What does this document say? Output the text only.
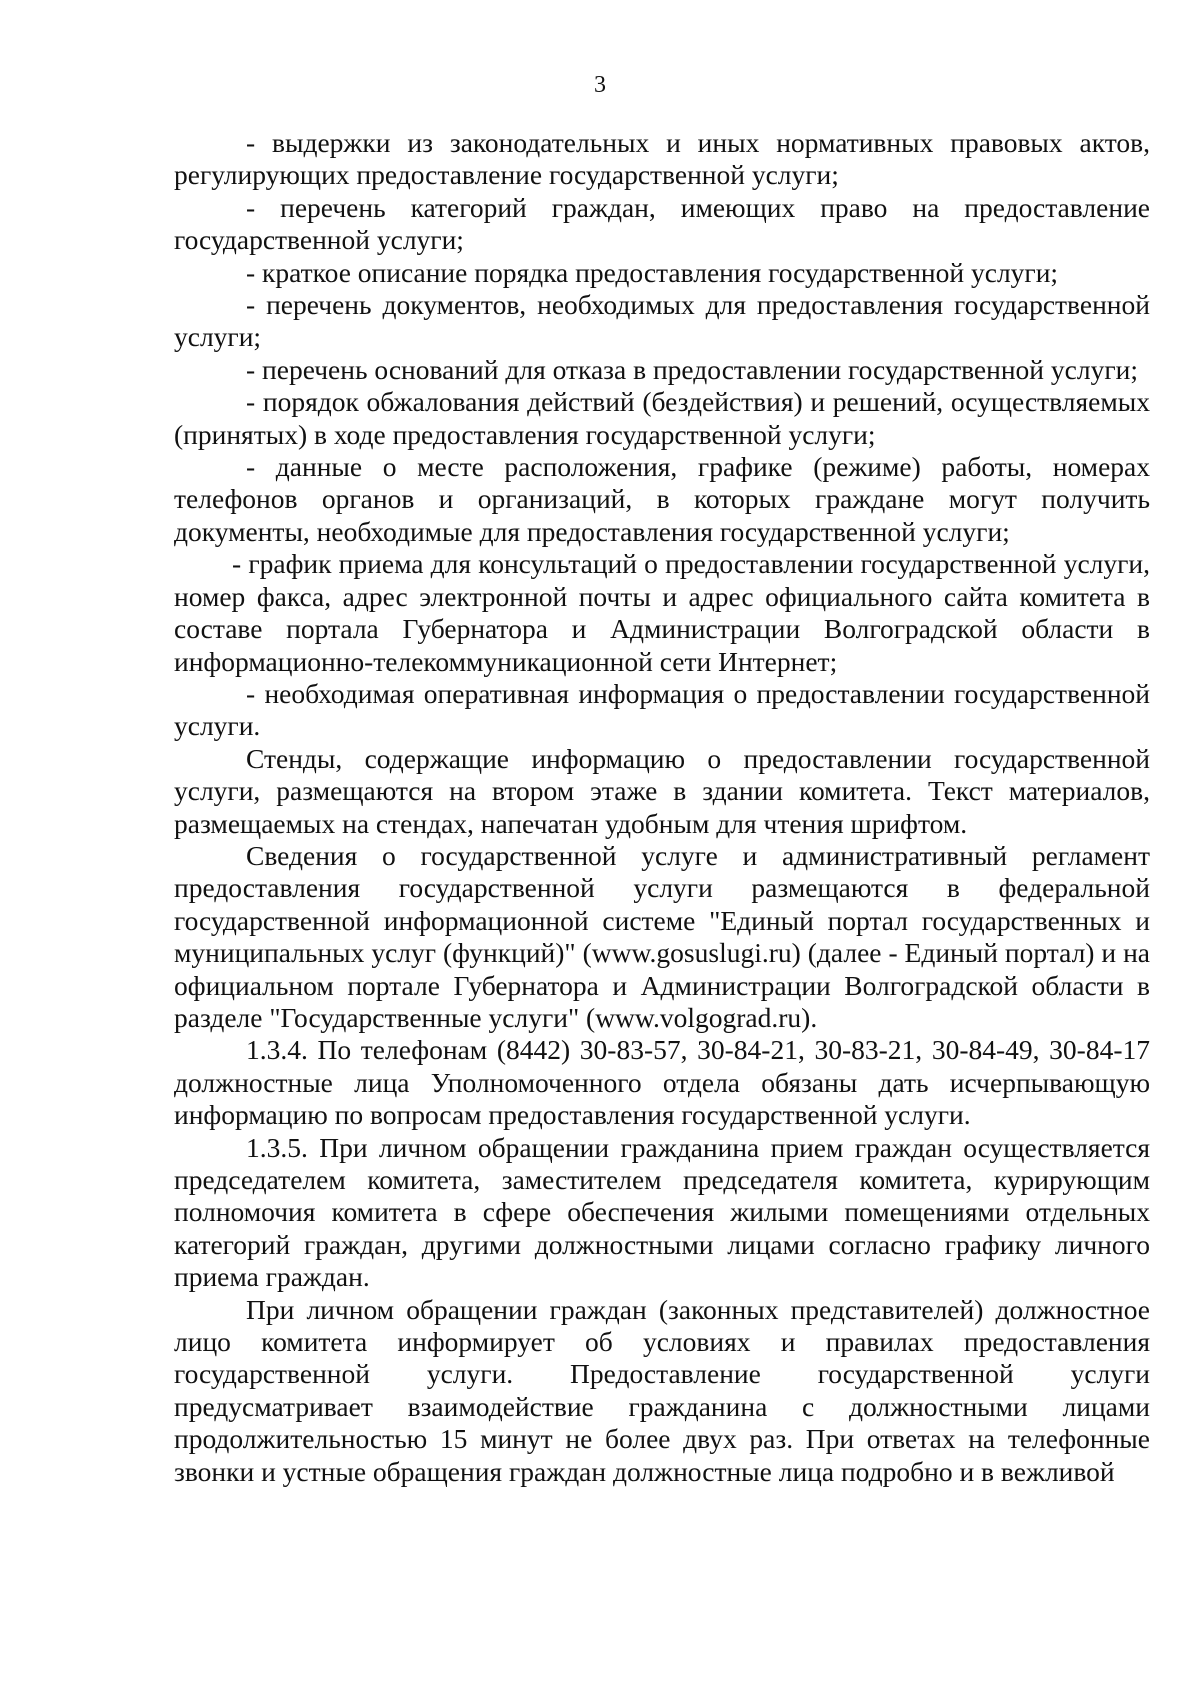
3

- выдержки из законодательных и иных нормативных правовых актов, регулирующих предоставление государственной услуги;

- перечень категорий граждан, имеющих право на предоставление государственной услуги;

- краткое описание порядка предоставления государственной услуги;

- перечень документов, необходимых для предоставления государственной услуги;

- перечень оснований для отказа в предоставлении государственной услуги;

- порядок обжалования действий (бездействия) и решений, осуществляемых (принятых) в ходе предоставления государственной услуги;

- данные о месте расположения, графике (режиме) работы, номерах телефонов органов и организаций, в которых граждане могут получить документы, необходимые для предоставления государственной услуги;

- график приема для консультаций о предоставлении государственной услуги, номер факса, адрес электронной почты и адрес официального сайта комитета в составе портала Губернатора и Администрации Волгоградской области в информационно-телекоммуникационной сети Интернет;

- необходимая оперативная информация о предоставлении государственной услуги.

Стенды, содержащие информацию о предоставлении государственной услуги, размещаются на втором этаже в здании комитета. Текст материалов, размещаемых на стендах, напечатан удобным для чтения шрифтом.

Сведения о государственной услуге и административный регламент предоставления государственной услуги размещаются в федеральной государственной информационной системе "Единый портал государственных и муниципальных услуг (функций)" (www.gosuslugi.ru) (далее - Единый портал) и на официальном портале Губернатора и Администрации Волгоградской области в разделе "Государственные услуги" (www.volgograd.ru).

1.3.4. По телефонам (8442) 30-83-57, 30-84-21, 30-83-21, 30-84-49, 30-84-17 должностные лица Уполномоченного отдела обязаны дать исчерпывающую информацию по вопросам предоставления государственной услуги.

1.3.5. При личном обращении гражданина прием граждан осуществляется председателем комитета, заместителем председателя комитета, курирующим полномочия комитета в сфере обеспечения жилыми помещениями отдельных категорий граждан, другими должностными лицами согласно графику личного приема граждан.

При личном обращении граждан (законных представителей) должностное лицо комитета информирует об условиях и правилах предоставления государственной услуги. Предоставление государственной услуги предусматривает взаимодействие гражданина с должностными лицами продолжительностью 15 минут не более двух раз. При ответах на телефонные звонки и устные обращения граждан должностные лица подробно и в вежливой
